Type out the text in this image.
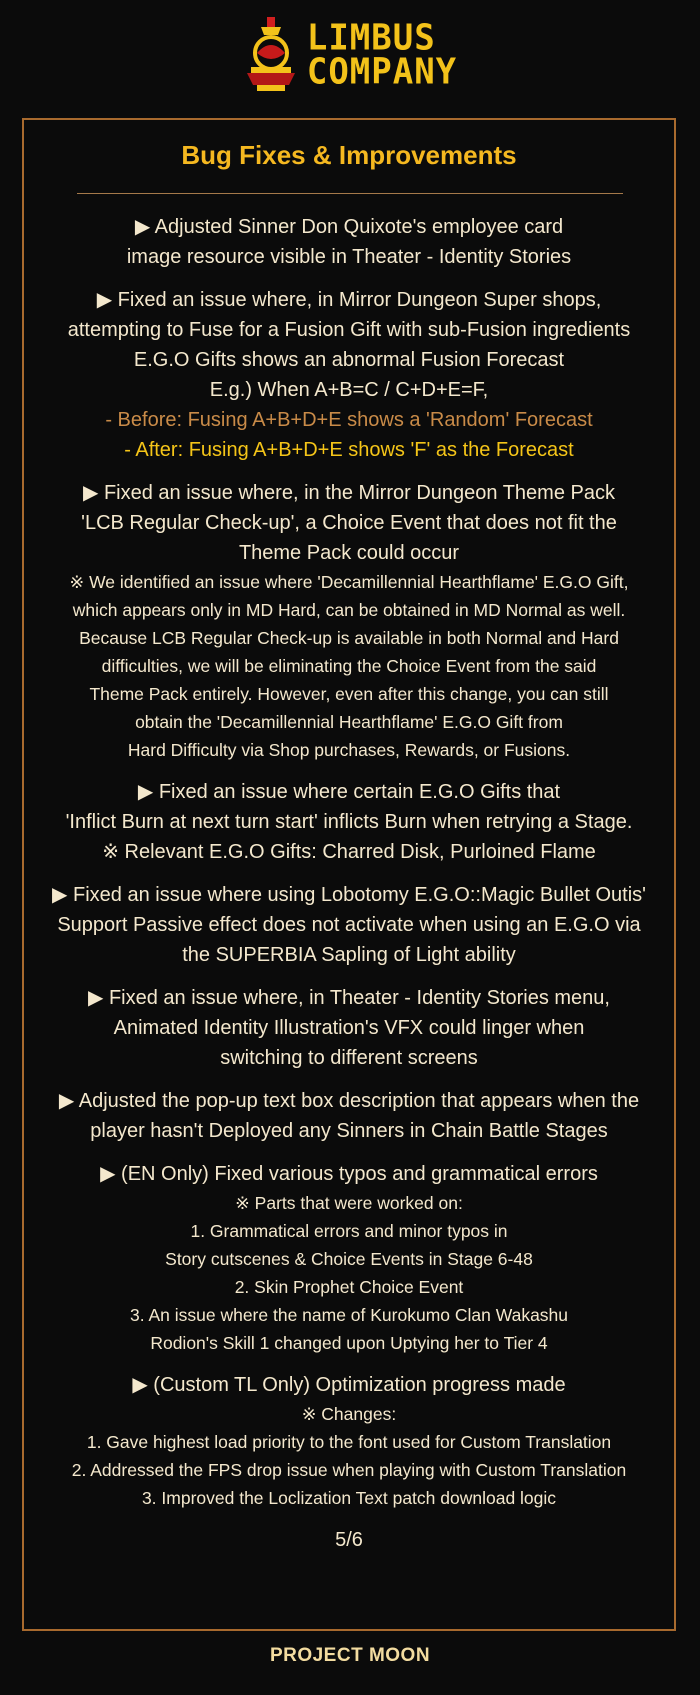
LIMBUS
COMPANY
Bug Fixes & Improvements
▶ Adjusted Sinner Don Quixote's employee card
image resource visible in Theater - Identity Stories
▶ Fixed an issue where, in Mirror Dungeon Super shops,
attempting to Fuse for a Fusion Gift with sub-Fusion ingredients
E.G.O Gifts shows an abnormal Fusion Forecast
E.g.) When A+B=C / C+D+E=F,
- Before: Fusing A+B+D+E shows a 'Random' Forecast
- After: Fusing A+B+D+E shows 'F' as the Forecast
▶ Fixed an issue where, in the Mirror Dungeon Theme Pack
'LCB Regular Check-up', a Choice Event that does not fit the
Theme Pack could occur
※ We identified an issue where 'Decamillennial Hearthflame' E.G.O Gift,
which appears only in MD Hard, can be obtained in MD Normal as well.
Because LCB Regular Check-up is available in both Normal and Hard
difficulties, we will be eliminating the Choice Event from the said
Theme Pack entirely. However, even after this change, you can still
obtain the 'Decamillennial Hearthflame' E.G.O Gift from
Hard Difficulty via Shop purchases, Rewards, or Fusions.
▶ Fixed an issue where certain E.G.O Gifts that
'Inflict Burn at next turn start' inflicts Burn when retrying a Stage.
※ Relevant E.G.O Gifts: Charred Disk, Purloined Flame
▶ Fixed an issue where using Lobotomy E.G.O::Magic Bullet Outis'
Support Passive effect does not activate when using an E.G.O via
the SUPERBIA Sapling of Light ability
▶ Fixed an issue where, in Theater - Identity Stories menu,
Animated Identity Illustration's VFX could linger when
switching to different screens
▶ Adjusted the pop-up text box description that appears when the
player hasn't Deployed any Sinners in Chain Battle Stages
▶ (EN Only) Fixed various typos and grammatical errors
※ Parts that were worked on:
1. Grammatical errors and minor typos in
Story cutscenes & Choice Events in Stage 6-48
2. Skin Prophet Choice Event
3. An issue where the name of Kurokumo Clan Wakashu
Rodion's Skill 1 changed upon Uptying her to Tier 4
▶ (Custom TL Only) Optimization progress made
※ Changes:
1. Gave highest load priority to the font used for Custom Translation
2. Addressed the FPS drop issue when playing with Custom Translation
3. Improved the Loclization Text patch download logic
5/6
PROJECT MOON
